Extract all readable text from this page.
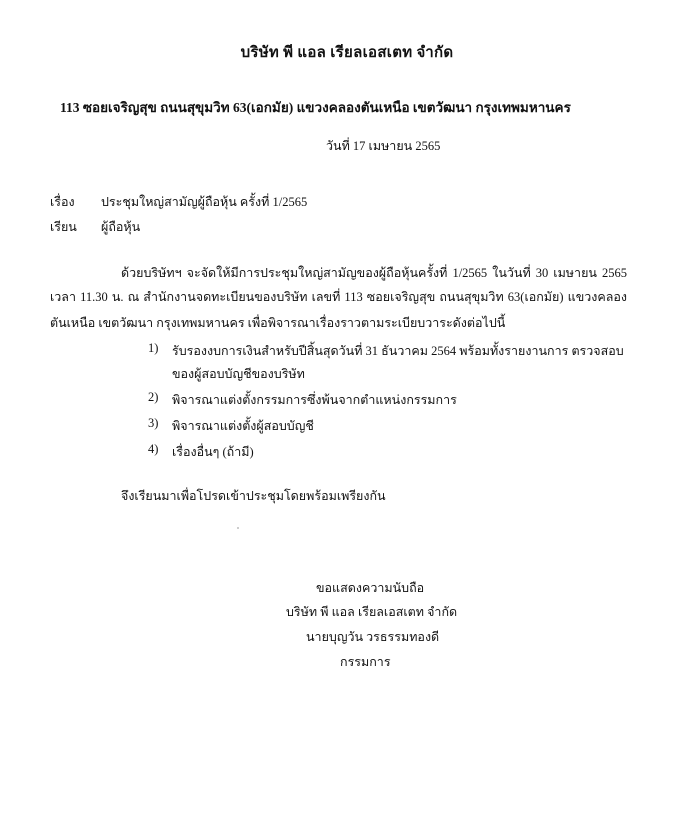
บริษัท พี แอล เรียลเอสเตท จำกัด
113 ซอยเจริญสุข ถนนสุขุมวิท 63(เอกมัย) แขวงคลองตันเหนือ เขตวัฒนา กรุงเทพมหานคร
วันที่ 17 เมษายน 2565
เรื่อง ประชุมใหญ่สามัญผู้ถือหุ้น ครั้งที่ 1/2565
เรียน ผู้ถือหุ้น
ด้วยบริษัทฯ จะจัดให้มีการประชุมใหญ่สามัญของผู้ถือหุ้นครั้งที่ 1/2565 ในวันที่ 30 เมษายน 2565
เวลา 11.30 น. ณ สำนักงานจดทะเบียนของบริษัท เลขที่ 113 ซอยเจริญสุข ถนนสุขุมวิท 63(เอกมัย) แขวงคลอง
ตันเหนือ เขตวัฒนา กรุงเทพมหานคร เพื่อพิจารณาเรื่องราวตามระเบียบวาระดังต่อไปนี้
1) รับรองงบการเงินสำหรับปีสิ้นสุดวันที่ 31 ธันวาคม 2564 พร้อมทั้งรายงานการ ตรวจสอบ
ของผู้สอบบัญชีของบริษัท
2) พิจารณาแต่งตั้งกรรมการซึ่งพ้นจากตำแหน่งกรรมการ
3) พิจารณาแต่งตั้งผู้สอบบัญชี
4) เรื่องอื่นๆ (ถ้ามี)
จึงเรียนมาเพื่อโปรดเข้าประชุมโดยพร้อมเพรียงกัน
ขอแสดงความนับถือ
บริษัท พี แอล เรียลเอสเตท จำกัด
นายบุญวัน วรธรรมทองดี
กรรมการ
